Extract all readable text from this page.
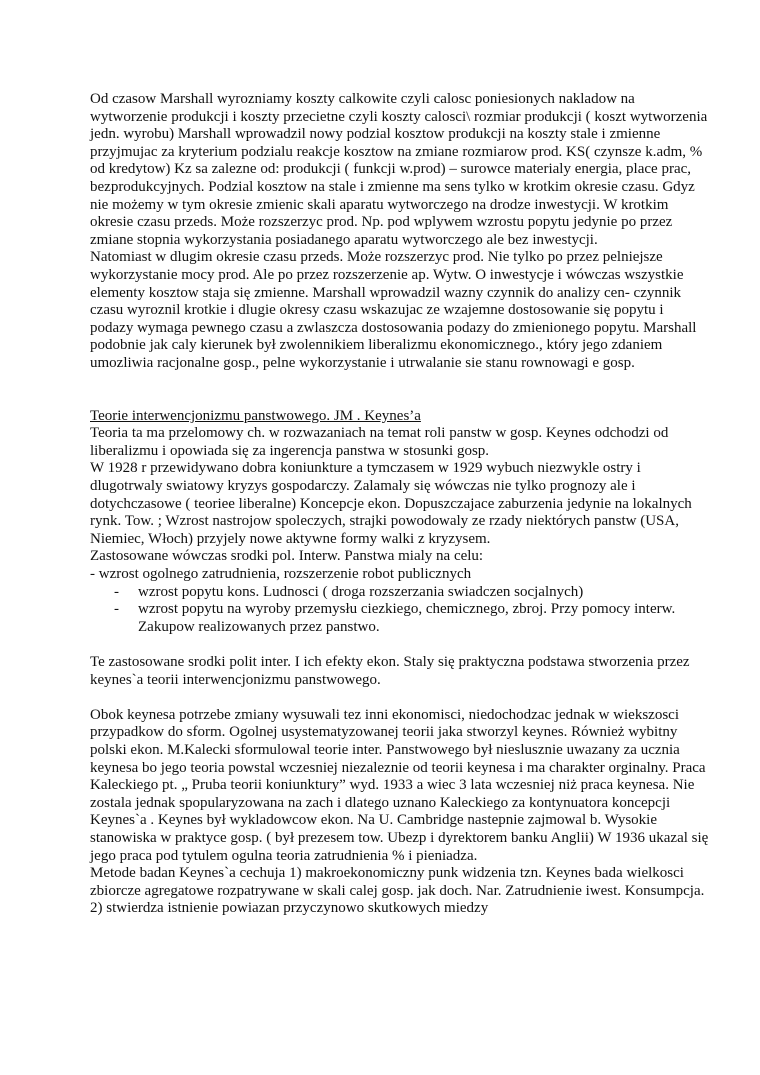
Od czasow Marshall wyrozniamy koszty calkowite czyli calosc poniesionych nakladow na wytworzenie produkcji i koszty przecietne czyli koszty calosci\ rozmiar produkcji ( koszt wytworzenia jedn. wyrobu) Marshall wprowadzil nowy podzial kosztow produkcji na koszty stale i zmienne przyjmujac za kryterium podzialu reakcje kosztow na zmiane rozmiarow prod. KS( czynsze k.adm, % od kredytow) Kz sa zalezne od: produkcji ( funkcji w.prod) – surowce materialy energia, place prac, bezprodukcyjnych. Podzial kosztow na stale i zmienne ma sens tylko w krotkim okresie czasu. Gdyz nie możemy w tym okresie zmienic skali aparatu wytworczego na drodze inwestycji. W krotkim okresie czasu przeds. Może rozszerzyc prod. Np. pod wplywem wzrostu popytu jedynie po przez zmiane stopnia wykorzystania posiadanego aparatu wytworczego ale bez inwestycji.

Natomiast w dlugim okresie czasu przeds. Może rozszerzyc prod. Nie tylko po przez pelniejsze wykorzystanie mocy prod. Ale po przez rozszerzenie ap. Wytw. O inwestycje i wówczas wszystkie elementy kosztow staja się zmienne. Marshall wprowadzil wazny czynnik do analizy cen- czynnik czasu wyroznil krotkie i dlugie okresy czasu wskazujac ze wzajemne dostosowanie się popytu i podazy wymaga pewnego czasu a zwlaszcza dostosowania podazy do zmienionego popytu. Marshall podobnie jak caly kierunek był zwolennikiem liberalizmu ekonomicznego., który jego zdaniem umozliwia racjonalne gosp., pelne wykorzystanie i utrwalanie sie stanu rownowagi e gosp.

Teorie interwencjonizmu panstwowego. JM . Keynes’a

Teoria ta ma przelomowy ch. w rozwazaniach na temat roli panstw w gosp. Keynes odchodzi od liberalizmu i opowiada się za ingerencja panstwa w stosunki gosp.

W 1928 r przewidywano dobra koniunkture a tymczasem w 1929 wybuch niezwykle ostry i dlugotrwaly swiatowy kryzys gospodarczy. Zalamaly się wówczas nie tylko prognozy ale i dotychczasowe ( teoriee liberalne) Koncepcje ekon. Dopuszczajace zaburzenia jedynie na lokalnych rynk. Tow. ; Wzrost nastrojow spoleczych, strajki powodowaly ze rzady niektórych panstw (USA, Niemiec, Włoch) przyjely nowe aktywne formy walki z kryzysem.

Zastosowane wówczas srodki pol. Interw. Panstwa mialy na celu:

- wzrost ogolnego zatrudnienia, rozszerzenie robot publicznych

- wzrost popytu kons. Ludnosci ( droga rozszerzania swiadczen socjalnych)
- wzrost popytu na wyroby przemysłu ciezkiego, chemicznego, zbroj. Przy pomocy interw. Zakupow realizowanych przez panstwo.

Te zastosowane srodki polit inter. I ich efekty ekon. Staly się praktyczna podstawa stworzenia przez keynes`a teorii interwencjonizmu panstwowego.

Obok keynesa potrzebe zmiany wysuwali tez inni ekonomisci, niedochodzac jednak w wiekszosci przypadkow do sform. Ogolnej usystematyzowanej teorii jaka stworzyl keynes. Również wybitny polski ekon. M.Kalecki sformulowal teorie inter. Panstwowego był nieslusznie uwazany za ucznia keynesa bo jego teoria powstal wczesniej niezaleznie od teorii keynesa i ma charakter orginalny. Praca Kaleckiego pt. „ Pruba teorii koniunktury” wyd. 1933 a wiec 3 lata wczesniej niż praca keynesa. Nie zostala jednak spopularyzowana na zach i dlatego uznano Kaleckiego za kontynuatora koncepcji Keynes`a . Keynes był wykladowcow ekon. Na U. Cambridge nastepnie zajmowal b. Wysokie stanowiska w praktyce gosp. ( był prezesem tow. Ubezp i dyrektorem banku Anglii) W 1936 ukazal się jego praca pod tytulem ogulna teoria zatrudnienia % i pieniadza.

Metode badan Keynes`a cechuja 1) makroekonomiczny punk widzenia tzn. Keynes bada wielkosci zbiorcze agregatowe rozpatrywane w skali calej gosp. jak doch. Nar. Zatrudnienie iwest. Konsumpcja. 2) stwierdza istnienie powiazan przyczynowo skutkowych miedzy
